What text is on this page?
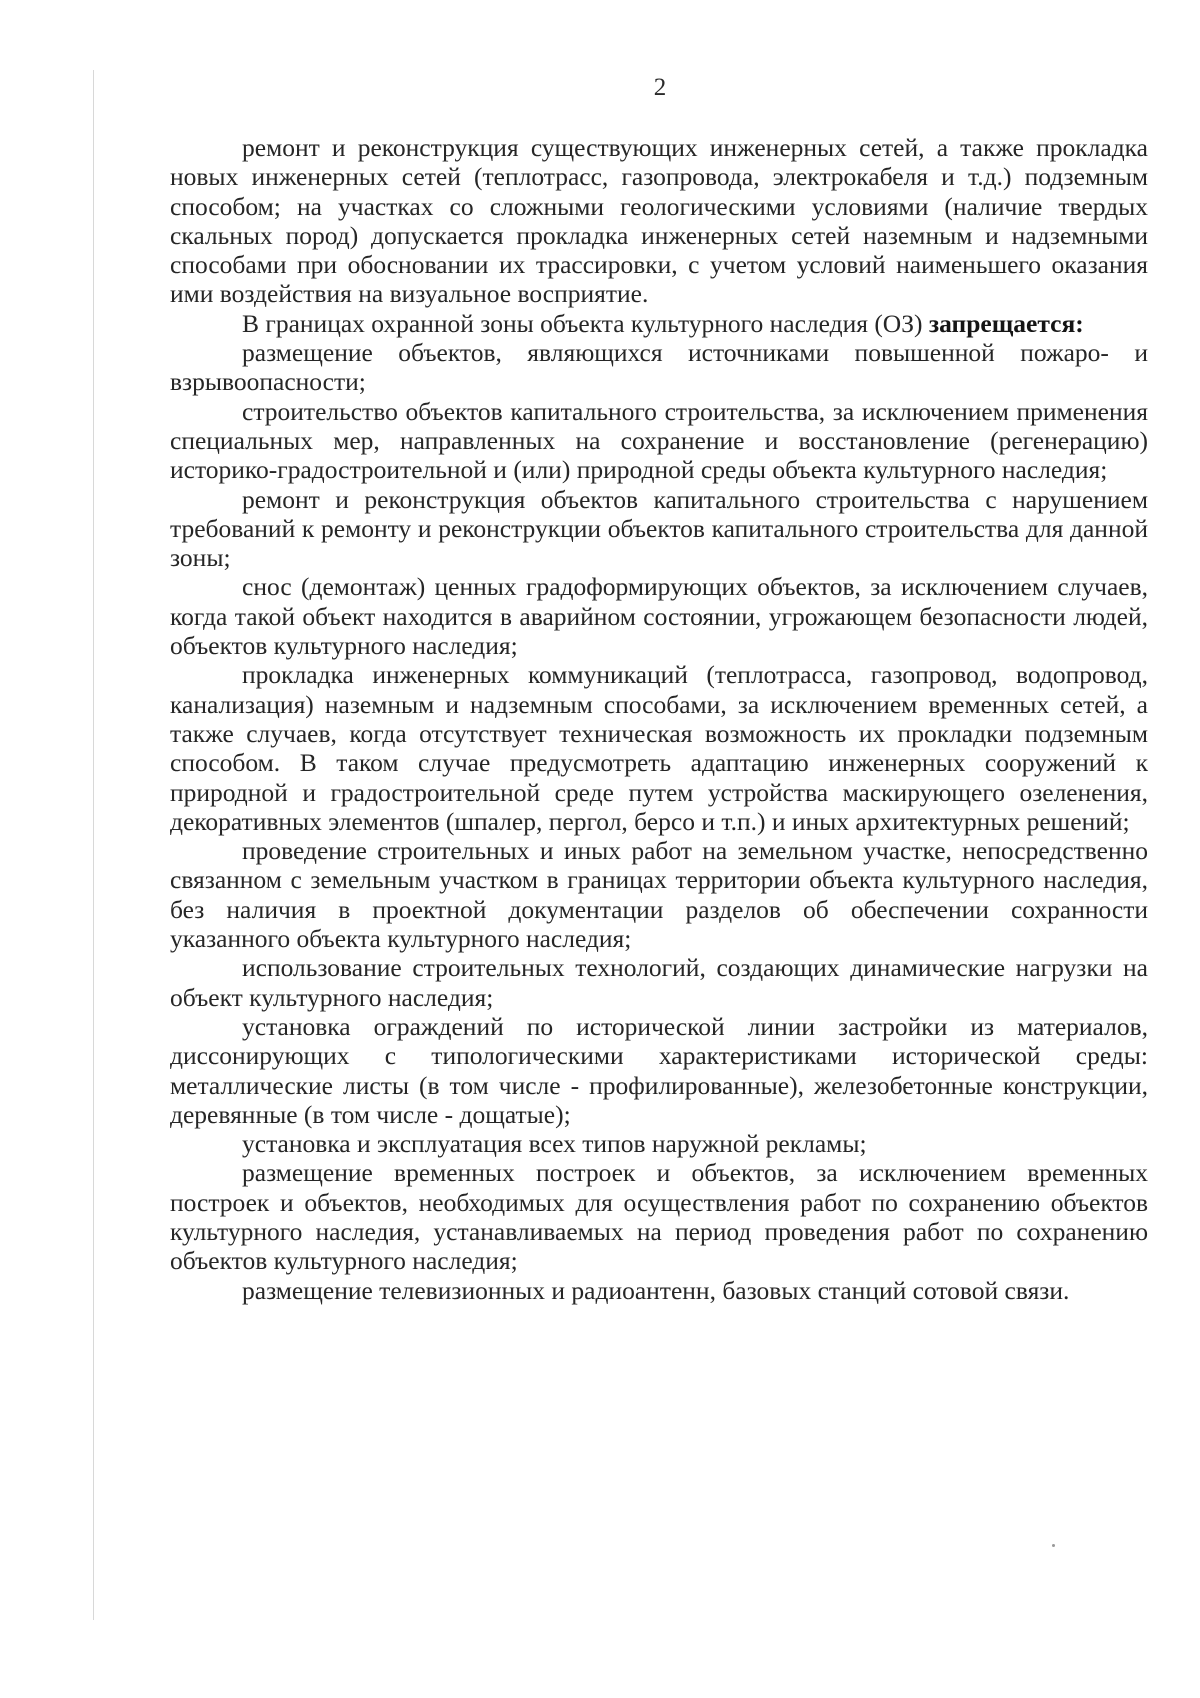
2

ремонт и реконструкция существующих инженерных сетей, а также прокладка новых инженерных сетей (теплотрасс, газопровода, электрокабеля и т.д.) подземным способом; на участках со сложными геологическими условиями (наличие твердых скальных пород) допускается прокладка инженерных сетей наземным и надземными способами при обосновании их трассировки, с учетом условий наименьшего оказания ими воздействия на визуальное восприятие.

В границах охранной зоны объекта культурного наследия (ОЗ) запрещается:

размещение объектов, являющихся источниками повышенной пожаро- и взрывоопасности;

строительство объектов капитального строительства, за исключением применения специальных мер, направленных на сохранение и восстановление (регенерацию) историко-градостроительной и (или) природной среды объекта культурного наследия;

ремонт и реконструкция объектов капитального строительства с нарушением требований к ремонту и реконструкции объектов капитального строительства для данной зоны;

снос (демонтаж) ценных градоформирующих объектов, за исключением случаев, когда такой объект находится в аварийном состоянии, угрожающем безопасности людей, объектов культурного наследия;

прокладка инженерных коммуникаций (теплотрасса, газопровод, водопровод, канализация) наземным и надземным способами, за исключением временных сетей, а также случаев, когда отсутствует техническая возможность их прокладки подземным способом. В таком случае предусмотреть адаптацию инженерных сооружений к природной и градостроительной среде путем устройства маскирующего озеленения, декоративных элементов (шпалер, пергол, берсо и т.п.) и иных архитектурных решений;

проведение строительных и иных работ на земельном участке, непосредственно связанном с земельным участком в границах территории объекта культурного наследия, без наличия в проектной документации разделов об обеспечении сохранности указанного объекта культурного наследия;

использование строительных технологий, создающих динамические нагрузки на объект культурного наследия;

установка ограждений по исторической линии застройки из материалов, диссонирующих с типологическими характеристиками исторической среды: металлические листы (в том числе - профилированные), железобетонные конструкции, деревянные (в том числе - дощатые);

установка и эксплуатация всех типов наружной рекламы;

размещение временных построек и объектов, за исключением временных построек и объектов, необходимых для осуществления работ по сохранению объектов культурного наследия, устанавливаемых на период проведения работ по сохранению объектов культурного наследия;

размещение телевизионных и радиоантенн, базовых станций сотовой связи.
